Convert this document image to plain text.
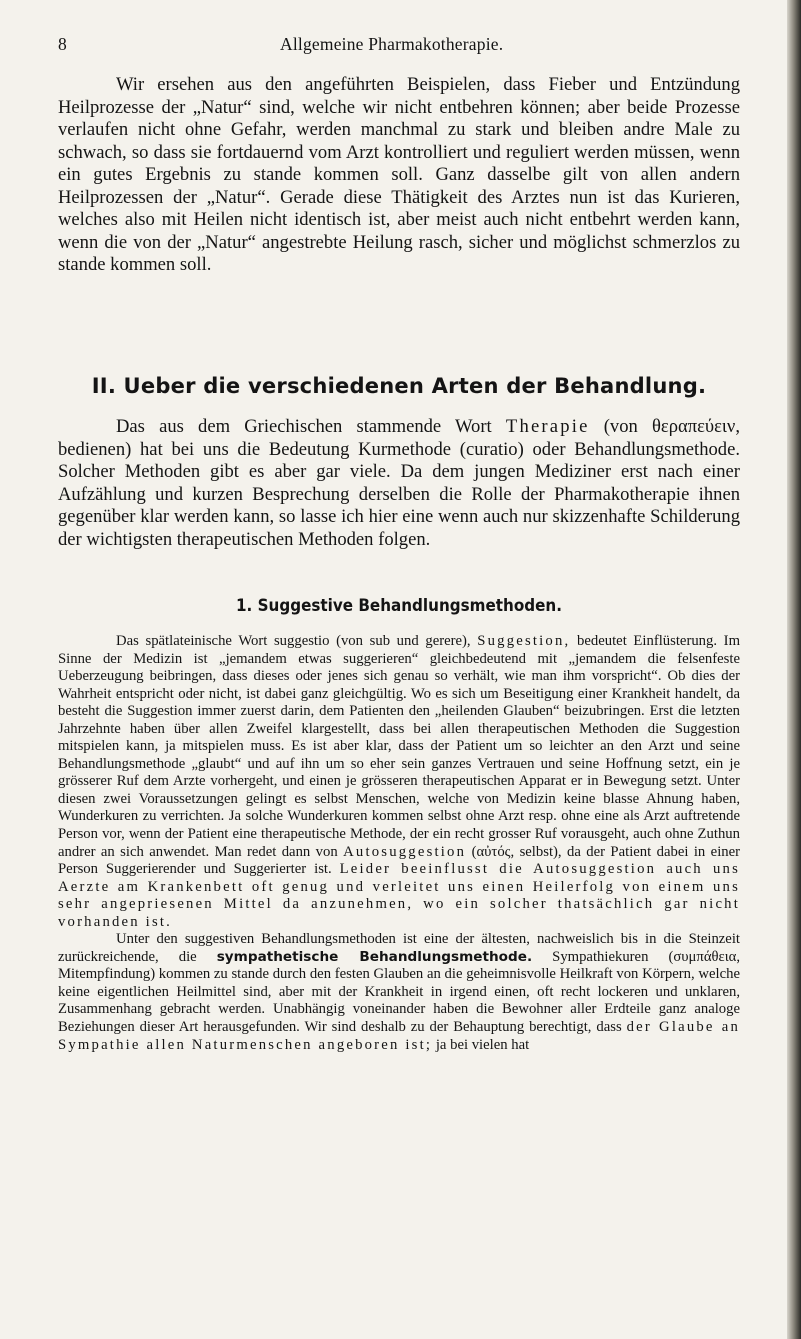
8	Allgemeine Pharmakotherapie.

Wir ersehen aus den angeführten Beispielen, dass Fieber und Entzündung Heilprozesse der „Natur“ sind, welche wir nicht entbehren können; aber beide Prozesse verlaufen nicht ohne Gefahr, werden manchmal zu stark und bleiben andre Male zu schwach, so dass sie fortdauernd vom Arzt kontrolliert und reguliert werden müssen, wenn ein gutes Ergebnis zu stande kommen soll. Ganz dasselbe gilt von allen andern Heilprozessen der „Natur“. Gerade diese Thätigkeit des Arztes nun ist das Kurieren, welches also mit Heilen nicht identisch ist, aber meist auch nicht entbehrt werden kann, wenn die von der „Natur“ angestrebte Heilung rasch, sicher und möglichst schmerzlos zu stande kommen soll.

II. Ueber die verschiedenen Arten der Behandlung.

Das aus dem Griechischen stammende Wort Therapie (von θεραπεύειν, bedienen) hat bei uns die Bedeutung Kurmethode (curatio) oder Behandlungsmethode. Solcher Methoden gibt es aber gar viele. Da dem jungen Mediziner erst nach einer Aufzählung und kurzen Besprechung derselben die Rolle der Pharmakotherapie ihnen gegenüber klar werden kann, so lasse ich hier eine wenn auch nur skizzenhafte Schilderung der wichtigsten therapeutischen Methoden folgen.

1. Suggestive Behandlungsmethoden.

Das spätlateinische Wort suggestio (von sub und gerere), Suggestion, bedeutet Einflüsterung. Im Sinne der Medizin ist „jemandem etwas suggerieren“ gleichbedeutend mit „jemandem die felsenfeste Ueberzeugung beibringen, dass dieses oder jenes sich genau so verhält, wie man ihm vorspricht“. Ob dies der Wahrheit entspricht oder nicht, ist dabei ganz gleichgültig. Wo es sich um Beseitigung einer Krankheit handelt, da besteht die Suggestion immer zuerst darin, dem Patienten den „heilenden Glauben“ beizubringen. Erst die letzten Jahrzehnte haben über allen Zweifel klargestellt, dass bei allen therapeutischen Methoden die Suggestion mitspielen kann, ja mitspielen muss. Es ist aber klar, dass der Patient um so leichter an den Arzt und seine Behandlungsmethode „glaubt“ und auf ihn um so eher sein ganzes Vertrauen und seine Hoffnung setzt, ein je grösserer Ruf dem Arzte vorhergeht, und einen je grösseren therapeutischen Apparat er in Bewegung setzt. Unter diesen zwei Voraussetzungen gelingt es selbst Menschen, welche von Medizin keine blasse Ahnung haben, Wunderkuren zu verrichten. Ja solche Wunderkuren kommen selbst ohne Arzt resp. ohne eine als Arzt auftretende Person vor, wenn der Patient eine therapeutische Methode, der ein recht grosser Ruf vorausgeht, auch ohne Zuthun andrer an sich anwendet. Man redet dann von Autosuggestion (αὐτός, selbst), da der Patient dabei in einer Person Suggerierender und Suggerierter ist. Leider beeinflusst die Autosuggestion auch uns Aerzte am Krankenbett oft genug und verleitet uns einen Heilerfolg von einem uns sehr angepriesenen Mittel da anzunehmen, wo ein solcher thatsächlich gar nicht vorhanden ist.

Unter den suggestiven Behandlungsmethoden ist eine der ältesten, nachweislich bis in die Steinzeit zurückreichende, die sympathetische Behandlungsmethode. Sympathiekuren (συμπάθεια, Mitempfindung) kommen zu stande durch den festen Glauben an die geheimnisvolle Heilkraft von Körpern, welche keine eigentlichen Heilmittel sind, aber mit der Krankheit in irgend einen, oft recht lockeren und unklaren, Zusammenhang gebracht werden. Unabhängig voneinander haben die Bewohner aller Erdteile ganz analoge Beziehungen dieser Art herausgefunden. Wir sind deshalb zu der Behauptung berechtigt, dass der Glaube an Sympathie allen Naturmenschen angeboren ist; ja bei vielen hat
